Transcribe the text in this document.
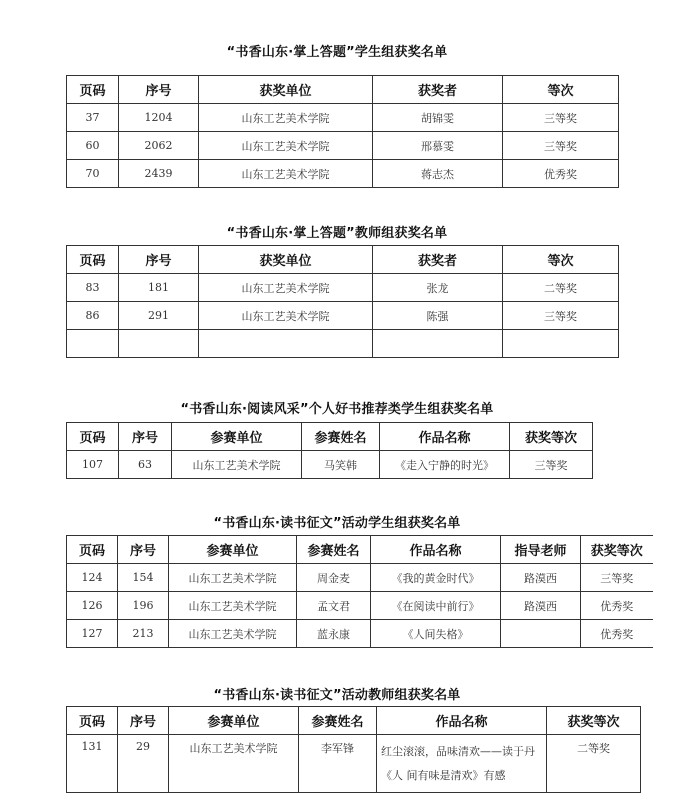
“书香山东·掌上答题”学生组获奖名单
页码	序号	获奖单位	获奖者	等次
37	1204	山东工艺美术学院	胡锦雯	三等奖
60	2062	山东工艺美术学院	邢慕雯	三等奖
70	2439	山东工艺美术学院	蒋志杰	优秀奖
“书香山东·掌上答题”教师组获奖名单
页码	序号	获奖单位	获奖者	等次
83	181	山东工艺美术学院	张龙	二等奖
86	291	山东工艺美术学院	陈强	三等奖

“书香山东·阅读风采”个人好书推荐类学生组获奖名单
页码	序号	参赛单位	参赛姓名	作品名称	获奖等次
107	63	山东工艺美术学院	马笑韩	《走入宁静的时光》	三等奖
“书香山东·读书征文”活动学生组获奖名单
页码	序号	参赛单位	参赛姓名	作品名称	指导老师	获奖等次
124	154	山东工艺美术学院	周金麦	《我的黄金时代》	路漠西	三等奖
126	196	山东工艺美术学院	孟文君	《在阅读中前行》	路漠西	优秀奖
127	213	山东工艺美术学院	蓝永康	《人间失格》		优秀奖
“书香山东·读书征文”活动教师组获奖名单
页码	序号	参赛单位	参赛姓名	作品名称	获奖等次
131	29	山东工艺美术学院	李军锋	红尘滚滚，品味清欢——读于丹《人 间有味是清欢》有感	二等奖
